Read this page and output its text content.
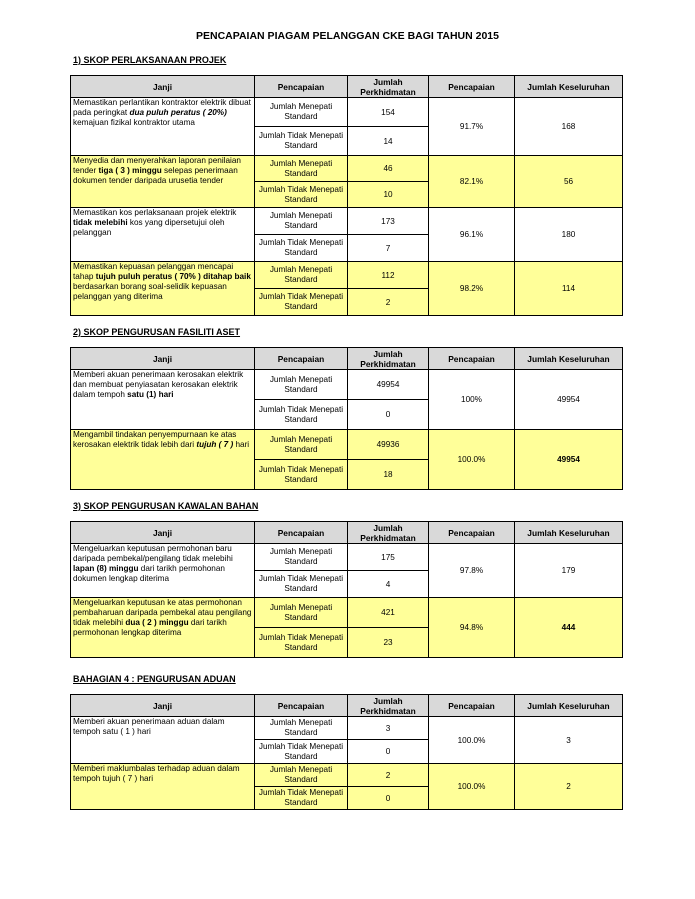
PENCAPAIAN PIAGAM PELANGGAN CKE BAGI TAHUN 2015
1) SKOP PERLAKSANAAN PROJEK
Janji	Pencapaian	Jumlah Perkhidmatan	Pencapaian	Jumlah Keseluruhan
Memastikan perlantikan kontraktor elektrik dibuat pada peringkat dua puluh peratus ( 20%) kemajuan fizikal kontraktor utama	Jumlah Menepati Standard	154	91.7%	168
	Jumlah Tidak Menepati Standard	14		
Menyedia dan menyerahkan laporan penilaian tender tiga ( 3 ) minggu selepas penerimaan dokumen tender daripada urusetia tender	Jumlah Menepati Standard	46	82.1%	56
	Jumlah Tidak Menepati Standard	10		
Memastikan kos perlaksanaan projek elektrik tidak melebihi kos yang dipersetujui oleh pelanggan	Jumlah Menepati Standard	173	96.1%	180
	Jumlah Tidak Menepati Standard	7		
Memastikan kepuasan pelanggan mencapai tahap tujuh puluh peratus ( 70% ) ditahap baik berdasarkan borang soal-selidik kepuasan pelanggan yang diterima	Jumlah Menepati Standard	112	98.2%	114
	Jumlah Tidak Menepati Standard	2		
2) SKOP PENGURUSAN FASILITI ASET
Janji	Pencapaian	Jumlah Perkhidmatan	Pencapaian	Jumlah Keseluruhan
Memberi akuan penerimaan kerosakan elektrik dan membuat penyiasatan kerosakan elektrik dalam tempoh satu (1) hari	Jumlah Menepati Standard	49954	100%	49954
	Jumlah Tidak Menepati Standard	0		
Mengambil tindakan penyempurnaan ke atas kerosakan elektrik tidak lebih dari tujuh ( 7 ) hari	Jumlah Menepati Standard	49936	100.0%	49954
	Jumlah Tidak Menepati Standard	18		
3) SKOP PENGURUSAN KAWALAN BAHAN
Janji	Pencapaian	Jumlah Perkhidmatan	Pencapaian	Jumlah Keseluruhan
Mengeluarkan keputusan permohonan baru daripada pembekal/pengilang tidak melebihi lapan (8) minggu dari tarikh permohonan dokumen lengkap diterima	Jumlah Menepati Standard	175	97.8%	179
	Jumlah Tidak Menepati Standard	4		
Mengeluarkan keputusan ke atas permohonan pembaharuan daripada pembekal atau pengilang tidak melebihi dua ( 2 ) minggu dari tarikh permohonan lengkap diterima	Jumlah Menepati Standard	421	94.8%	444
	Jumlah Tidak Menepati Standard	23		
BAHAGIAN 4 : PENGURUSAN ADUAN
Janji	Pencapaian	Jumlah Perkhidmatan	Pencapaian	Jumlah Keseluruhan
Memberi akuan penerimaan aduan dalam tempoh satu ( 1 ) hari	Jumlah Menepati Standard	3	100.0%	3
	Jumlah Tidak Menepati Standard	0		
Memberi maklumbalas terhadap aduan dalam tempoh tujuh ( 7 ) hari	Jumlah Menepati Standard	2	100.0%	2
	Jumlah Tidak Menepati Standard	0		
